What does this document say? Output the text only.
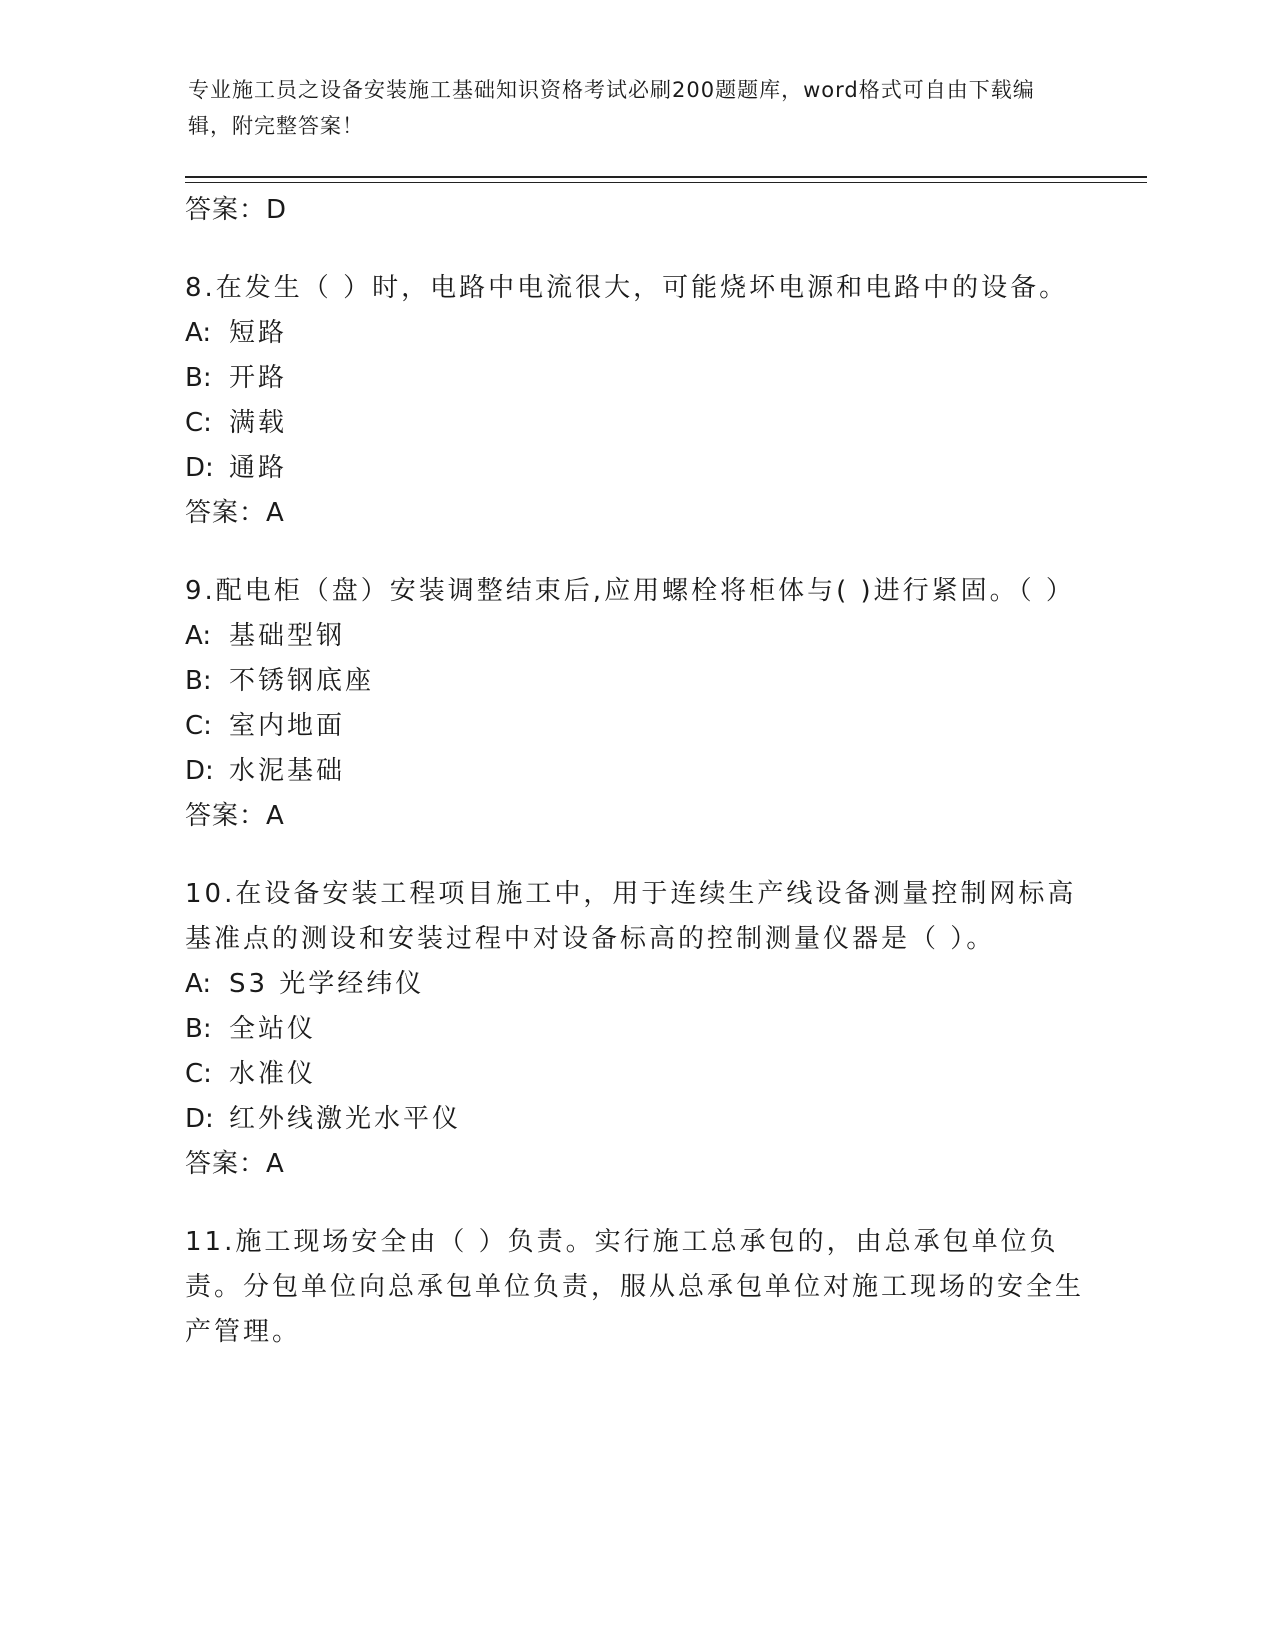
专业施工员之设备安装施工基础知识资格考试必刷200题题库，word格式可自由下载编辑，附完整答案！

答案：D

8.在发生（ ）时，电路中电流很大，可能烧坏电源和电路中的设备。

A: 短路

B: 开路

C: 满载

D: 通路

答案：A

9.配电柜（盘）安装调整结束后,应用螺栓将柜体与( )进行紧固。（ ）

A: 基础型钢

B: 不锈钢底座

C: 室内地面

D: 水泥基础

答案：A

10.在设备安装工程项目施工中，用于连续生产线设备测量控制网标高基准点的测设和安装过程中对设备标高的控制测量仪器是（ ）。

A: S3 光学经纬仪

B: 全站仪

C: 水准仪

D: 红外线激光水平仪

答案：A

11.施工现场安全由（ ）负责。实行施工总承包的，由总承包单位负责。分包单位向总承包单位负责，服从总承包单位对施工现场的安全生产管理。
